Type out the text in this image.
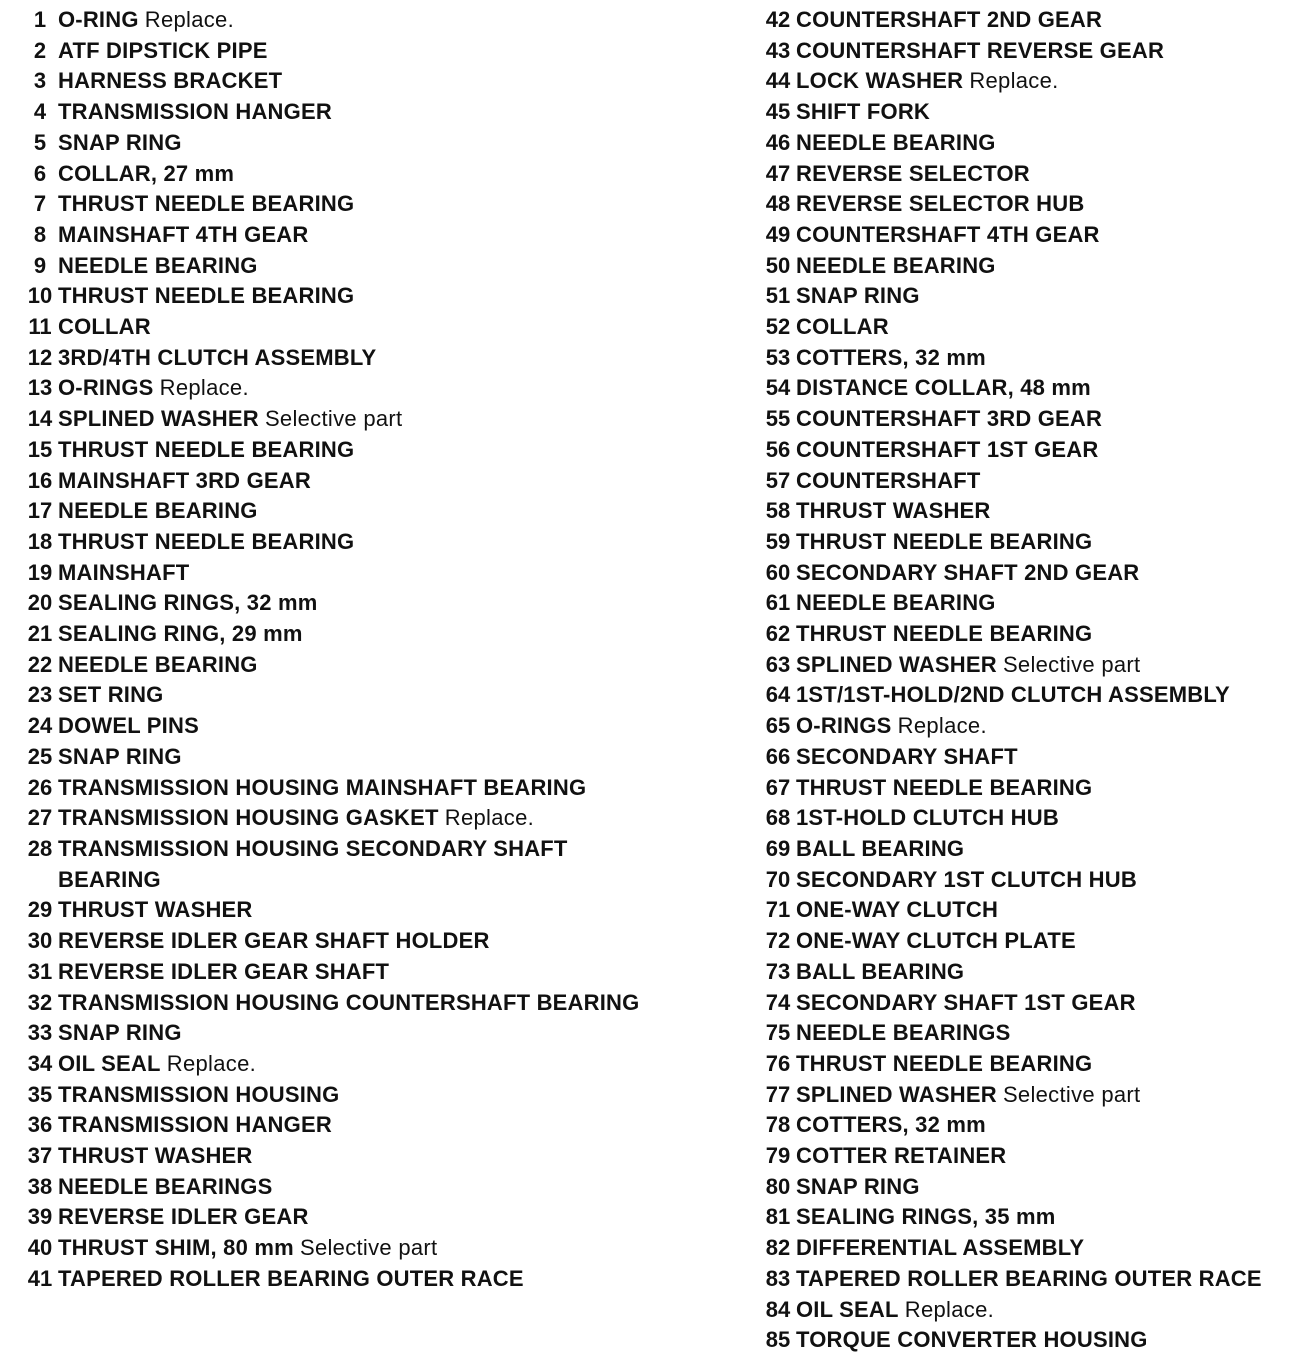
1 O-RING Replace.
2 ATF DIPSTICK PIPE
3 HARNESS BRACKET
4 TRANSMISSION HANGER
5 SNAP RING
6 COLLAR, 27 mm
7 THRUST NEEDLE BEARING
8 MAINSHAFT 4TH GEAR
9 NEEDLE BEARING
10 THRUST NEEDLE BEARING
11 COLLAR
12 3RD/4TH CLUTCH ASSEMBLY
13 O-RINGS Replace.
14 SPLINED WASHER Selective part
15 THRUST NEEDLE BEARING
16 MAINSHAFT 3RD GEAR
17 NEEDLE BEARING
18 THRUST NEEDLE BEARING
19 MAINSHAFT
20 SEALING RINGS, 32 mm
21 SEALING RING, 29 mm
22 NEEDLE BEARING
23 SET RING
24 DOWEL PINS
25 SNAP RING
26 TRANSMISSION HOUSING MAINSHAFT BEARING
27 TRANSMISSION HOUSING GASKET Replace.
28 TRANSMISSION HOUSING SECONDARY SHAFT BEARING
29 THRUST WASHER
30 REVERSE IDLER GEAR SHAFT HOLDER
31 REVERSE IDLER GEAR SHAFT
32 TRANSMISSION HOUSING COUNTERSHAFT BEARING
33 SNAP RING
34 OIL SEAL Replace.
35 TRANSMISSION HOUSING
36 TRANSMISSION HANGER
37 THRUST WASHER
38 NEEDLE BEARINGS
39 REVERSE IDLER GEAR
40 THRUST SHIM, 80 mm Selective part
41 TAPERED ROLLER BEARING OUTER RACE
42 COUNTERSHAFT 2ND GEAR
43 COUNTERSHAFT REVERSE GEAR
44 LOCK WASHER Replace.
45 SHIFT FORK
46 NEEDLE BEARING
47 REVERSE SELECTOR
48 REVERSE SELECTOR HUB
49 COUNTERSHAFT 4TH GEAR
50 NEEDLE BEARING
51 SNAP RING
52 COLLAR
53 COTTERS, 32 mm
54 DISTANCE COLLAR, 48 mm
55 COUNTERSHAFT 3RD GEAR
56 COUNTERSHAFT 1ST GEAR
57 COUNTERSHAFT
58 THRUST WASHER
59 THRUST NEEDLE BEARING
60 SECONDARY SHAFT 2ND GEAR
61 NEEDLE BEARING
62 THRUST NEEDLE BEARING
63 SPLINED WASHER Selective part
64 1ST/1ST-HOLD/2ND CLUTCH ASSEMBLY
65 O-RINGS Replace.
66 SECONDARY SHAFT
67 THRUST NEEDLE BEARING
68 1ST-HOLD CLUTCH HUB
69 BALL BEARING
70 SECONDARY 1ST CLUTCH HUB
71 ONE-WAY CLUTCH
72 ONE-WAY CLUTCH PLATE
73 BALL BEARING
74 SECONDARY SHAFT 1ST GEAR
75 NEEDLE BEARINGS
76 THRUST NEEDLE BEARING
77 SPLINED WASHER Selective part
78 COTTERS, 32 mm
79 COTTER RETAINER
80 SNAP RING
81 SEALING RINGS, 35 mm
82 DIFFERENTIAL ASSEMBLY
83 TAPERED ROLLER BEARING OUTER RACE
84 OIL SEAL Replace.
85 TORQUE CONVERTER HOUSING
